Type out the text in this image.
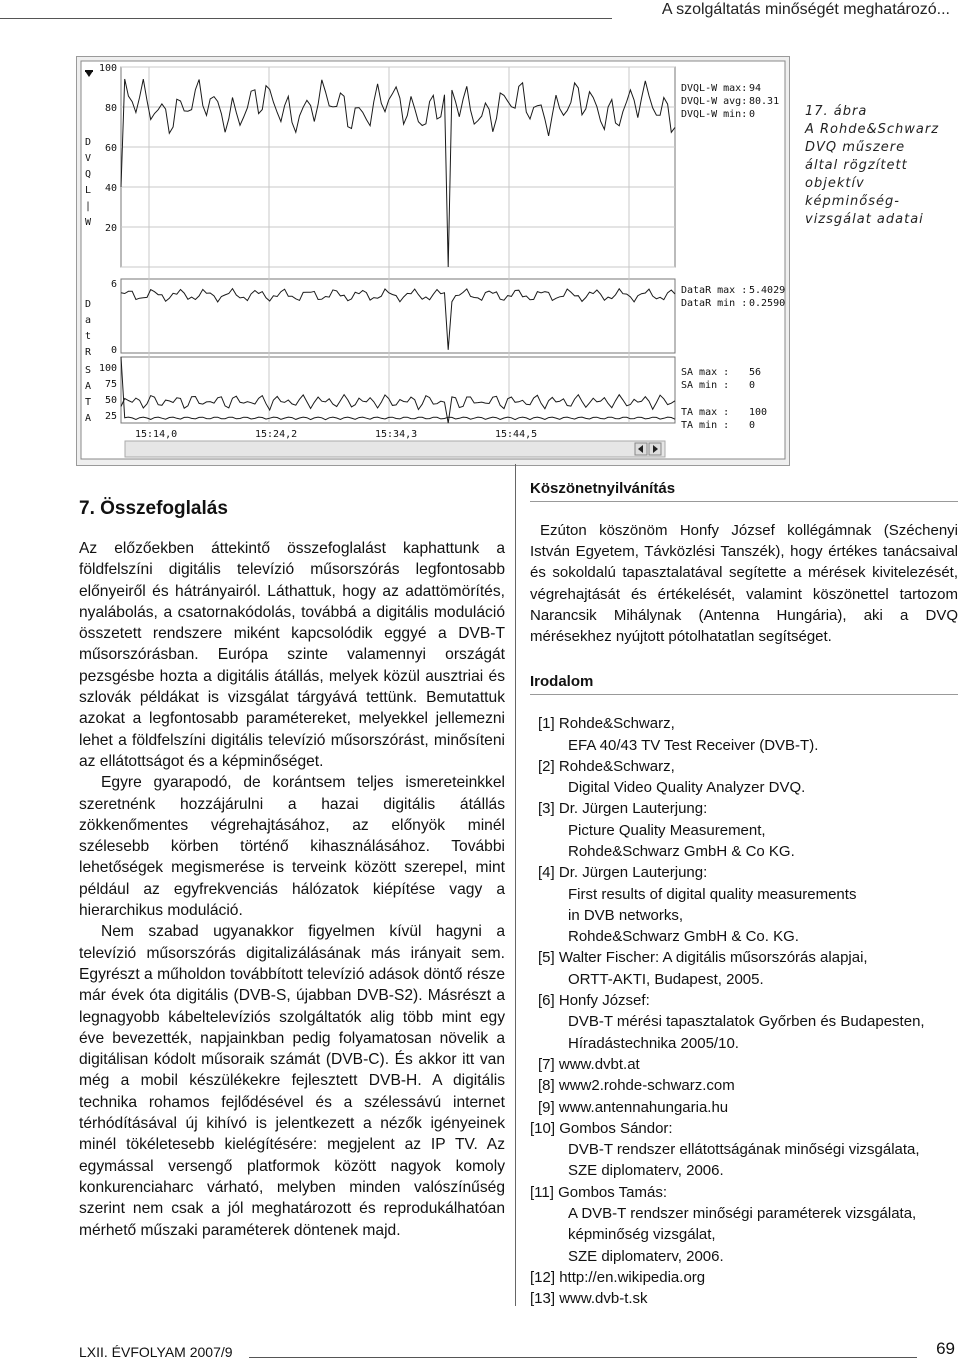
A szolgáltatás minőségét meghatározó...
D
V
Q
L
|
W
D
a
t
R
S
A
T
A
100
80
60
40
20
6
0
100
75
50
25
15:14,0	15:24,2	15:34,3	15:44,5
DVQL-W max: 94
DVQL-W avg: 80.31
DVQL-W min: 0
DataR max : 5.4029
DataR min : 0.2590
SA max : 56
SA min : 0
TA max : 100
TA min : 0
17. ábra
A Rohde&Schwarz
DVQ műszere
által rögzített
objektív
képminőség-
vizsgálat adatai
7. Összefoglalás

Az előzőekben áttekintő összefoglalást kaphattunk a földfelszíni digitális televízió műsorszórás legfontosabb előnyeiről és hátrányairól. Láthattuk, hogy az adattömörítés, nyalábolás, a csatornakódolás, továbbá a digitális moduláció összetett rendszere miként kapcsolódik eggyé a DVB-T műsorszórásban. Európa szinte valamennyi országát pezsgésbe hozta a digitális átállás, melyek közül ausztriai és szlovák példákat is vizsgálat tárgyává tettünk. Bemutattuk azokat a legfontosabb paramétereket, melyekkel jellemezni lehet a földfelszíni digitális televízió műsorszórást, minősíteni az ellátottságot és a képminőséget.

Egyre gyarapodó, de korántsem teljes ismereteinkkel szeretnénk hozzájárulni a hazai digitális átállás zökkenőmentes végrehajtásához, az előnyök minél szélesebb körben történő kihasználásához. További lehetőségek megismerése is terveink között szerepel, mint például az egyfrekvenciás hálózatok kiépítése vagy a hierarchikus moduláció.

Nem szabad ugyanakkor figyelmen kívül hagyni a televízió műsorszórás digitalizálásának más irányait sem. Egyrészt a műholdon továbbított televízió adások döntő része már évek óta digitális (DVB-S, újabban DVB-S2). Másrészt a legnagyobb kábeltelevíziós szolgáltatók alig több mint egy éve bevezették, napjainkban pedig folyamatosan növelik a digitálisan kódolt műsoraik számát (DVB-C). És akkor itt van még a mobil készülékekre fejlesztett DVB-H. A digitális technika rohamos fejlődésével és a szélessávú internet térhódításával új kihívó is jelentkezett a nézők igényeinek minél tökéletesebb kielégítésére: megjelent az IP TV. Az egymással versengő platformok között nagyok komoly konkurenciaharc várható, melyben minden valószínűség szerint nem csak a jól meghatározott és reprodukálhatóan mérhető műszaki paraméterek döntenek majd.

Köszönetnyilvánítás

Ezúton köszönöm Honfy József kollégámnak (Széchenyi István Egyetem, Távközlési Tanszék), hogy értékes tanácsaival és sokoldalú tapasztalatával segítette a mérések kivitelezését, végrehajtását és értékelését, valamint köszönettel tartozom Narancsik Mihálynak (Antenna Hungária), aki a DVQ mérésekhez nyújtott pótolhatatlan segítséget.

Irodalom
[1] Rohde&Schwarz,
EFA 40/43 TV Test Receiver (DVB-T).
[2] Rohde&Schwarz,
Digital Video Quality Analyzer DVQ.
[3] Dr. Jürgen Lauterjung:
Picture Quality Measurement,
Rohde&Schwarz GmbH & Co KG.
[4] Dr. Jürgen Lauterjung:
First results of digital quality measurements
in DVB networks,
Rohde&Schwarz GmbH & Co. KG.
[5] Walter Fischer: A digitális műsorszórás alapjai,
ORTT-AKTI, Budapest, 2005.
[6] Honfy József:
DVB-T mérési tapasztalatok Győrben és Budapesten,
Híradástechnika 2005/10.
[7] www.dvbt.at
[8] www2.rohde-schwarz.com
[9] www.antennahungaria.hu
[10] Gombos Sándor:
DVB-T rendszer ellátottságának minőségi vizsgálata,
SZE diplomaterv, 2006.
[11] Gombos Tamás:
A DVB-T rendszer minőségi paraméterek vizsgálata,
képminőség vizsgálat,
SZE diplomaterv, 2006.
[12] http://en.wikipedia.org
[13] www.dvb-t.sk
LXII. ÉVFOLYAM 2007/9	69
